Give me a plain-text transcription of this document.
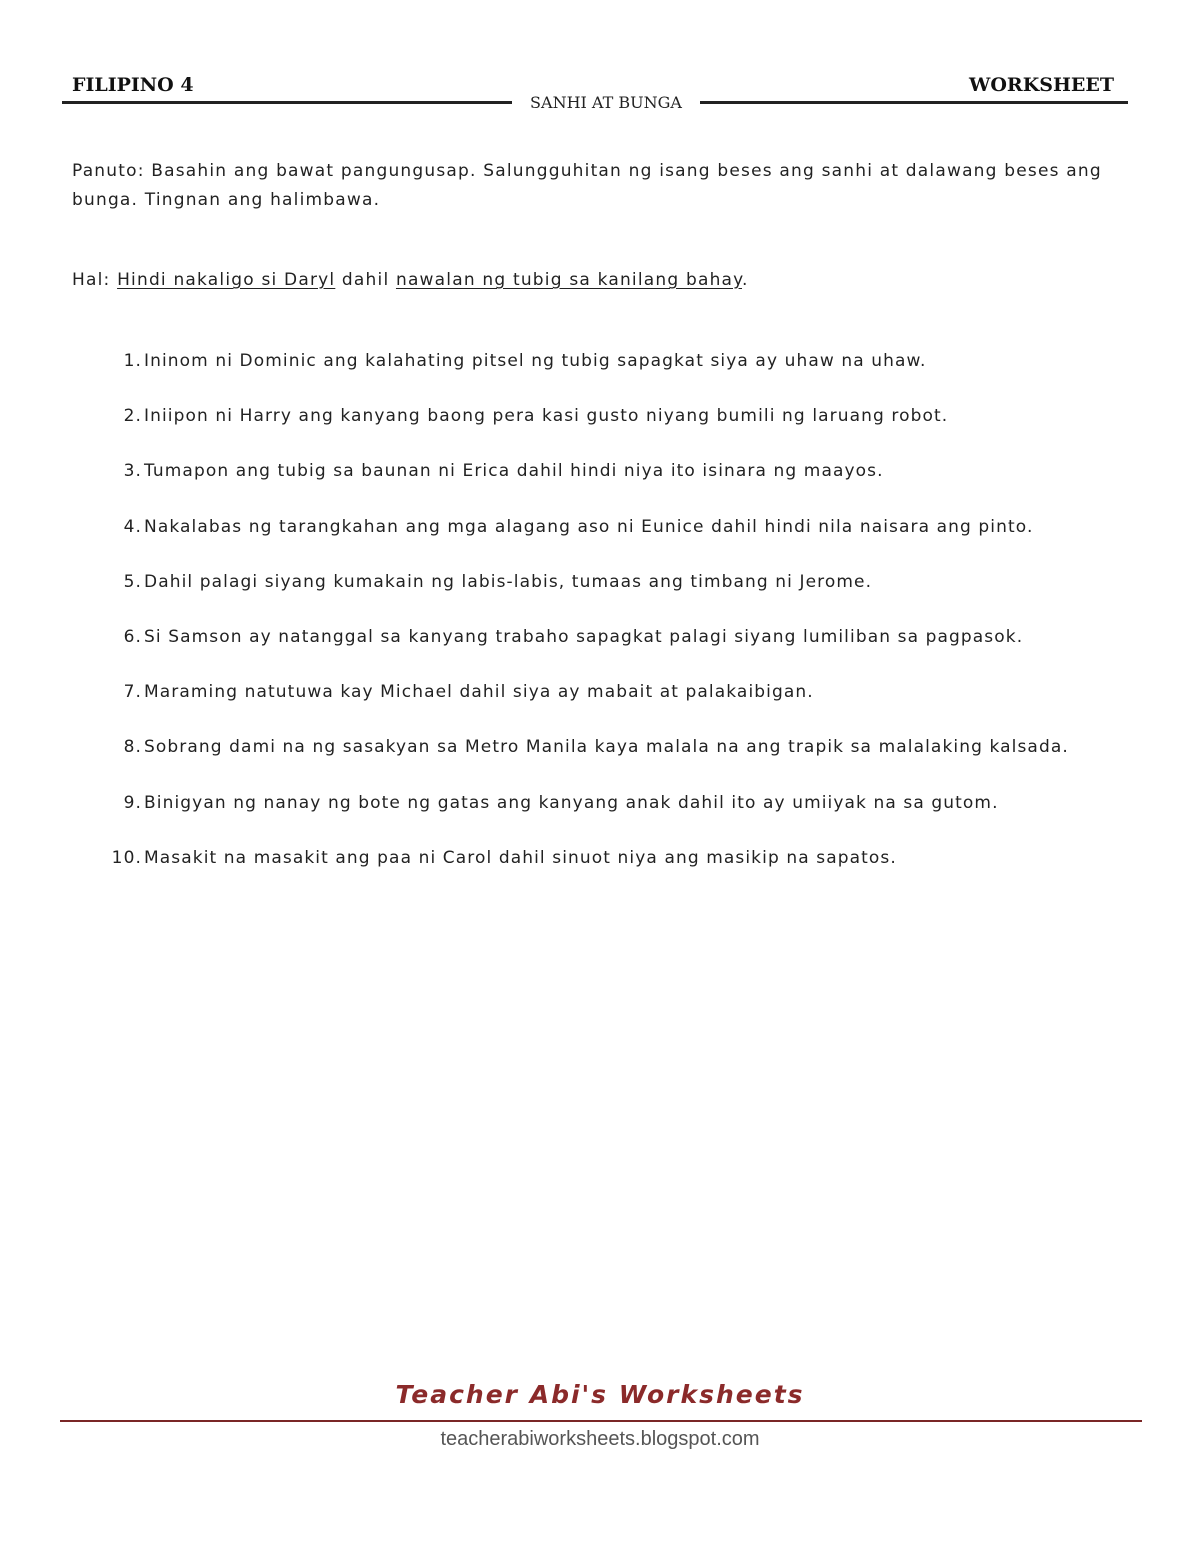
FILIPINO 4	WORKSHEET
SANHI AT BUNGA
Panuto: Basahin ang bawat pangungusap. Salungguhitan ng isang beses ang sanhi at dalawang beses ang bunga. Tingnan ang halimbawa.
Hal: Hindi nakaligo si Daryl dahil nawalan ng tubig sa kanilang bahay.
1. Ininom ni Dominic ang kalahating pitsel ng tubig sapagkat siya ay uhaw na uhaw.
2. Iniipon ni Harry ang kanyang baong pera kasi gusto niyang bumili ng laruang robot.
3. Tumapon ang tubig sa baunan ni Erica dahil hindi niya ito isinara ng maayos.
4. Nakalabas ng tarangkahan ang mga alagang aso ni Eunice dahil hindi nila naisara ang pinto.
5. Dahil palagi siyang kumakain ng labis-labis, tumaas ang timbang ni Jerome.
6. Si Samson ay natanggal sa kanyang trabaho sapagkat palagi siyang lumiliban sa pagpasok.
7. Maraming natutuwa kay Michael dahil siya ay mabait at palakaibigan.
8. Sobrang dami na ng sasakyan sa Metro Manila kaya malala na ang trapik sa malalaking kalsada.
9. Binigyan ng nanay ng bote ng gatas ang kanyang anak dahil ito ay umiiyak na sa gutom.
10. Masakit na masakit ang paa ni Carol dahil sinuot niya ang masikip na sapatos.
Teacher Abi's Worksheets
teacherabiworksheets.blogspot.com
